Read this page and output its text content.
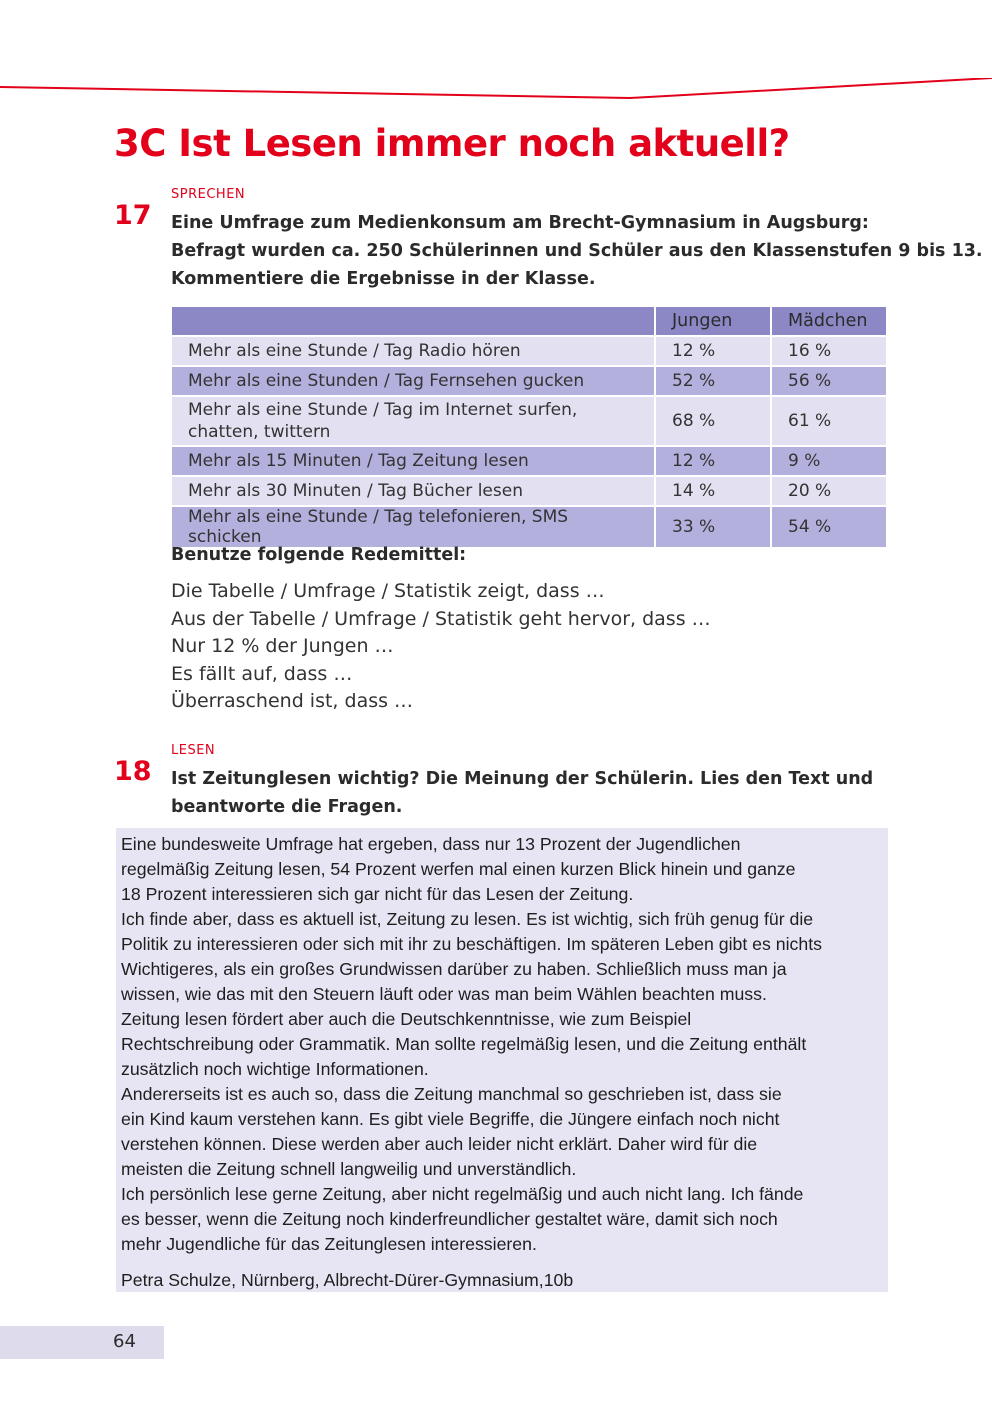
3C Ist Lesen immer noch aktuell?
SPRECHEN
17 Eine Umfrage zum Medienkonsum am Brecht-Gymnasium in Augsburg:
Befragt wurden ca. 250 Schülerinnen und Schüler aus den Klassenstufen 9 bis 13.
Kommentiere die Ergebnisse in der Klasse.
	Jungen	Mädchen
Mehr als eine Stunde / Tag Radio hören	12 %	16 %
Mehr als eine Stunden / Tag Fernsehen gucken	52 %	56 %
Mehr als eine Stunde / Tag im Internet surfen, chatten, twittern	68 %	61 %
Mehr als 15 Minuten / Tag Zeitung lesen	12 %	9 %
Mehr als 30 Minuten / Tag Bücher lesen	14 %	20 %
Mehr als eine Stunde / Tag telefonieren, SMS schicken	33 %	54 %
Benutze folgende Redemittel:
Die Tabelle / Umfrage / Statistik zeigt, dass …
Aus der Tabelle / Umfrage / Statistik geht hervor, dass …
Nur 12 % der Jungen …
Es fällt auf, dass …
Überraschend ist, dass …
LESEN
18 Ist Zeitunglesen wichtig? Die Meinung der Schülerin. Lies den Text und
beantworte die Fragen.

Eine bundesweite Umfrage hat ergeben, dass nur 13 Prozent der Jugendlichen

regelmäßig Zeitung lesen, 54 Prozent werfen mal einen kurzen Blick hinein und ganze

18 Prozent interessieren sich gar nicht für das Lesen der Zeitung.

Ich finde aber, dass es aktuell ist, Zeitung zu lesen. Es ist wichtig, sich früh genug für die

Politik zu interessieren oder sich mit ihr zu beschäftigen. Im späteren Leben gibt es nichts

Wichtigeres, als ein großes Grundwissen darüber zu haben. Schließlich muss man ja

wissen, wie das mit den Steuern läuft oder was man beim Wählen beachten muss.

Zeitung lesen fördert aber auch die Deutschkenntnisse, wie zum Beispiel

Rechtschreibung oder Grammatik. Man sollte regelmäßig lesen, und die Zeitung enthält

zusätzlich noch wichtige Informationen.

Andererseits ist es auch so, dass die Zeitung manchmal so geschrieben ist, dass sie

ein Kind kaum verstehen kann. Es gibt viele Begriffe, die Jüngere einfach noch nicht

verstehen können. Diese werden aber auch leider nicht erklärt. Daher wird für die

meisten die Zeitung schnell langweilig und unverständlich.

Ich persönlich lese gerne Zeitung, aber nicht regelmäßig und auch nicht lang. Ich fände

es besser, wenn die Zeitung noch kinderfreundlicher gestaltet wäre, damit sich noch

mehr Jugendliche für das Zeitunglesen interessieren.

Petra Schulze, Nürnberg, Albrecht-Dürer-Gymnasium,10b

64
